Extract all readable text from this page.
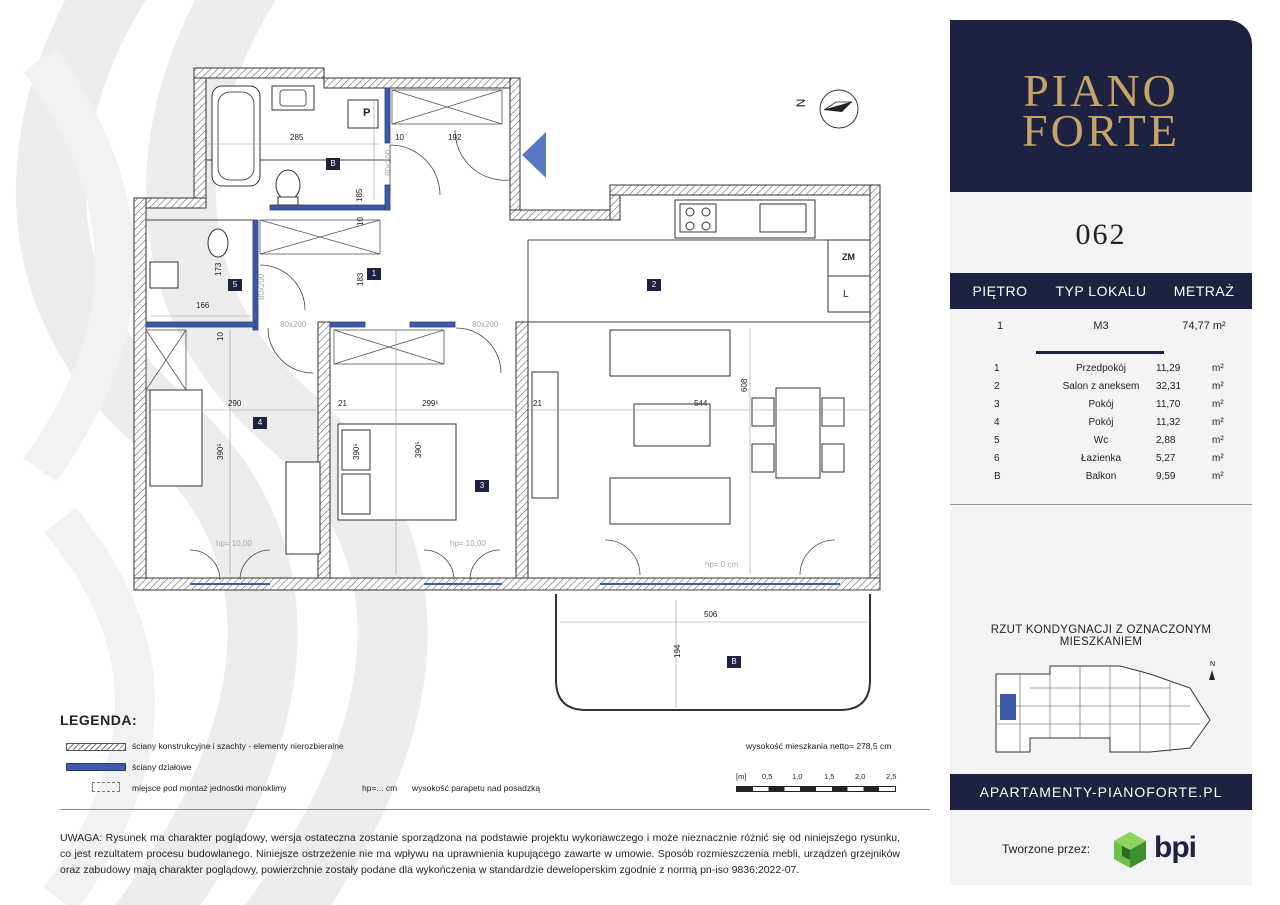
B
1
5	2
4
3
B
P
ZM
L
285	10	192
185
80x200
183
173
80x200
166
80x200	80x200
10
10
290	21	299⁵	21	544
608
390⁵	390⁵	390⁵
hp= 10,00	hp= 10,00
hp= 0 cm
506
194
N
LEGENDA:
ściany konstrukcyjne i szachty - elementy nierozbieralne
ściany działowe
miejsce pod montaż jednostki monoklimy	hp=... cm wysokość parapetu nad posadzką
wysokość mieszkania netto= 278,5 cm
[m] 0,5	1,0	1,5	2,0	2,5
UWAGA: Rysunek ma charakter poglądowy, wersja ostateczna zostanie sporządzona na podstawie projektu wykonawczego i może nieznacznie różnić się od niniejszego rysunku, co jest rezultatem procesu budowlanego. Niniejsze ostrzeżenie nie ma wpływu na uprawnienia kupującego zawarte w umowie. Sposób rozmieszczenia mebli, urządzeń grzejników oraz zabudowy mają charakter poglądowy, powierzchnie zostały podane dla wykończenia w standardzie deweloperskim zgodnie z normą pn-iso 9836:2022-07.
PIANO
FORTE
062
PIĘTRO	TYP LOKALU	METRAŻ
1	M3	74,77 m²
1	Przedpokój	11,29	m²
2	Salon z aneksem	32,31	m²
3	Pokój	11,70	m²
4	Pokój	11,32	m²
5	Wc	2,88	m²
6	Łazienka	5,27	m²
B	Balkon	9,59	m²
RZUT KONDYGNACJI Z OZNACZONYM MIESZKANIEM
N
APARTAMENTY-PIANOFORTE.PL
Tworzone przez: bpi
